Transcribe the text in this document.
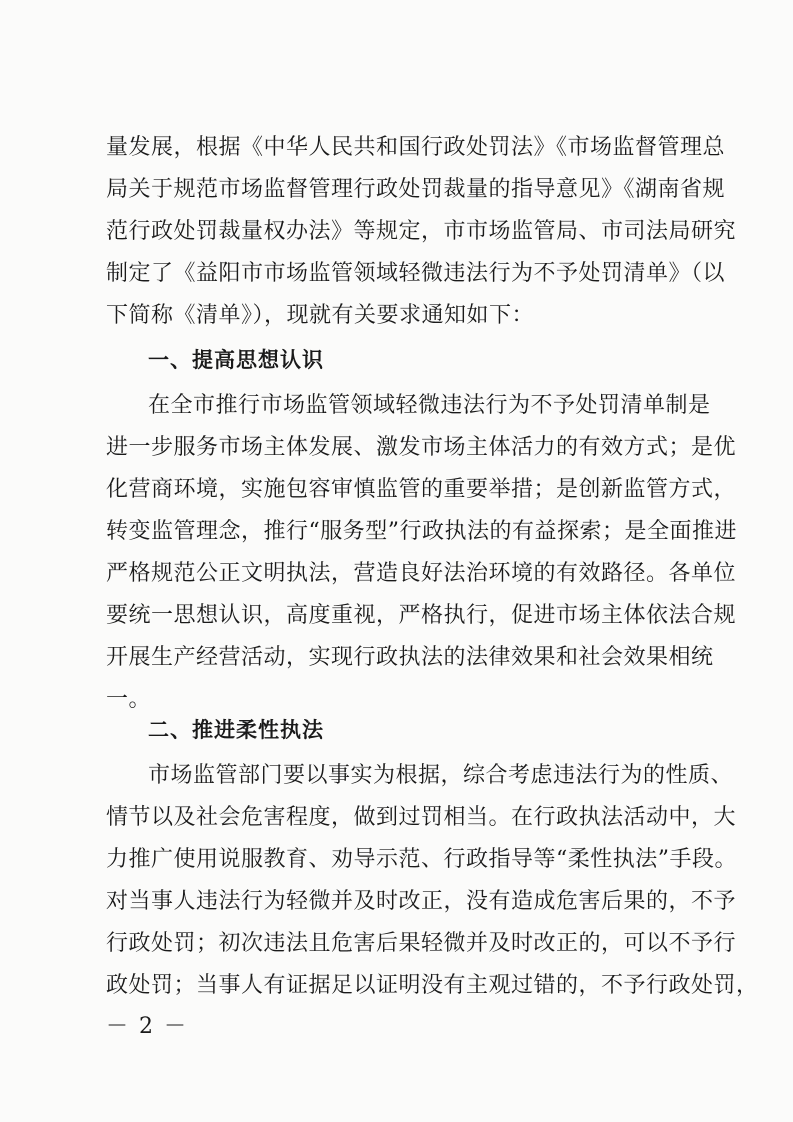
量发展，根据《中华人民共和国行政处罚法》《市场监督管理总
局关于规范市场监督管理行政处罚裁量的指导意见》《湖南省规
范行政处罚裁量权办法》等规定，市市场监管局、市司法局研究
制定了《益阳市市场监管领域轻微违法行为不予处罚清单》（以
下简称《清单》），现就有关要求通知如下：
一、提高思想认识
在全市推行市场监管领域轻微违法行为不予处罚清单制是
进一步服务市场主体发展、激发市场主体活力的有效方式；是优
化营商环境，实施包容审慎监管的重要举措；是创新监管方式，
转变监管理念，推行“服务型”行政执法的有益探索；是全面推进
严格规范公正文明执法，营造良好法治环境的有效路径。各单位
要统一思想认识，高度重视，严格执行，促进市场主体依法合规
开展生产经营活动，实现行政执法的法律效果和社会效果相统
一。
二、推进柔性执法
市场监管部门要以事实为根据，综合考虑违法行为的性质、
情节以及社会危害程度，做到过罚相当。在行政执法活动中，大
力推广使用说服教育、劝导示范、行政指导等“柔性执法”手段。
对当事人违法行为轻微并及时改正，没有造成危害后果的，不予
行政处罚；初次违法且危害后果轻微并及时改正的，可以不予行
政处罚；当事人有证据足以证明没有主观过错的，不予行政处罚，
－ 2 －
